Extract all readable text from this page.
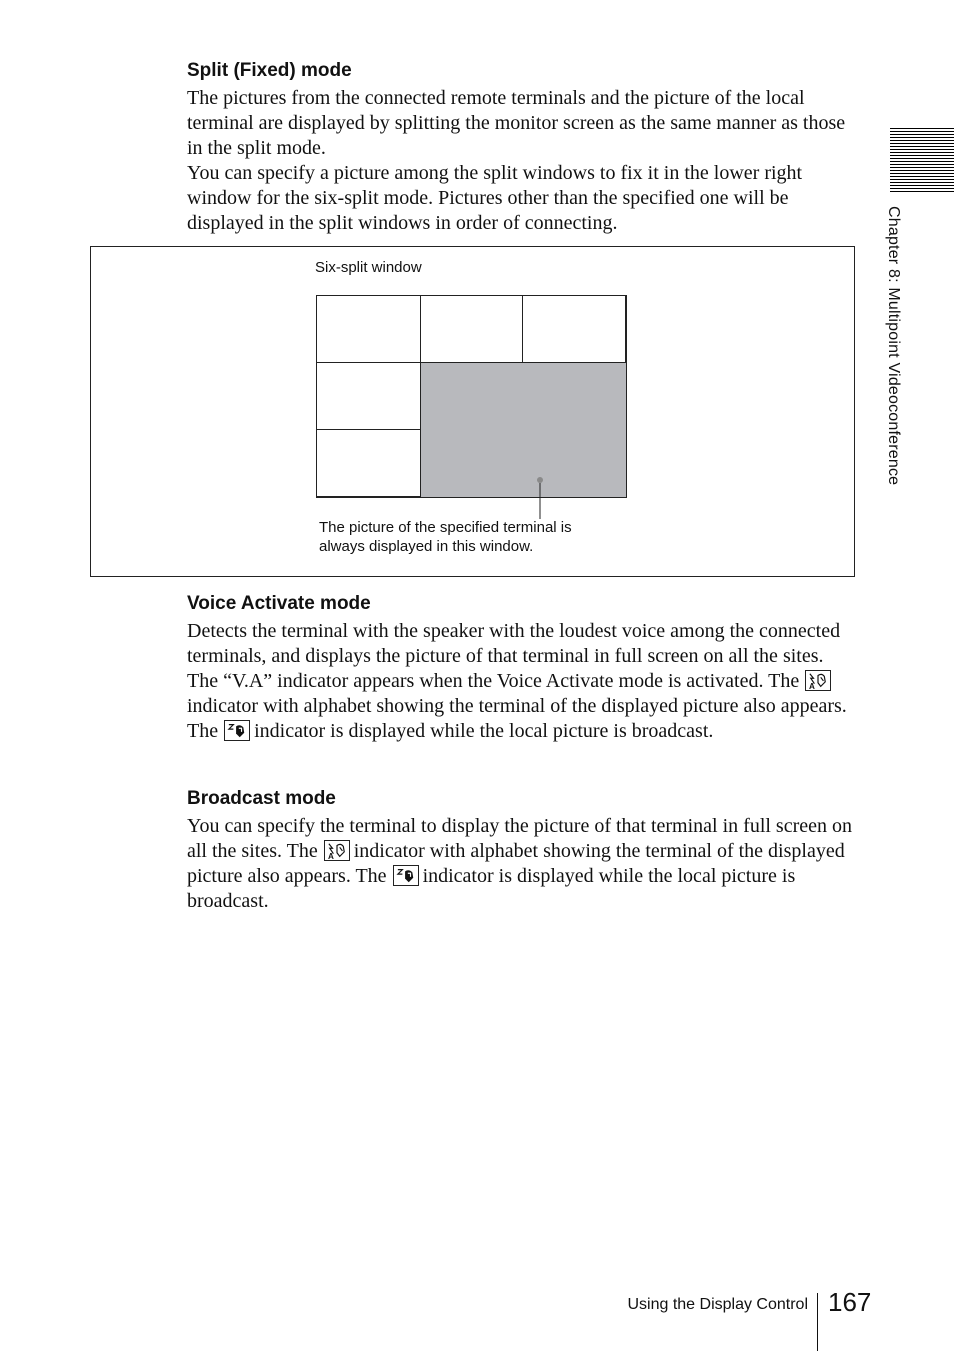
Split (Fixed) mode

The pictures from the connected remote terminals and the picture of the local terminal are displayed by splitting the monitor screen as the same manner as those in the split mode.

You can specify a picture among the split windows to fix it in the lower right window for the six-split mode. Pictures other than the specified one will be displayed in the split windows in order of connecting.

Six-split window

The picture of the specified terminal is

always displayed in this window.

Voice Activate mode

Detects the terminal with the speaker with the loudest voice among the connected terminals, and displays the picture of that terminal in full screen on all the sites. The “V.A” indicator appears when the Voice Activate mode is activated. The A
indicator with alphabet showing the terminal of the displayed picture also appears. The indicator is displayed while the local picture is broadcast.

Broadcast mode

You can specify the terminal to display the picture of that terminal in full screen on all the sites. The A indicator with alphabet showing the terminal of the displayed picture also appears. The indicator is displayed while the local picture is broadcast.

Chapter 8: Multipoint Videoconference
Using the Display Control 167
